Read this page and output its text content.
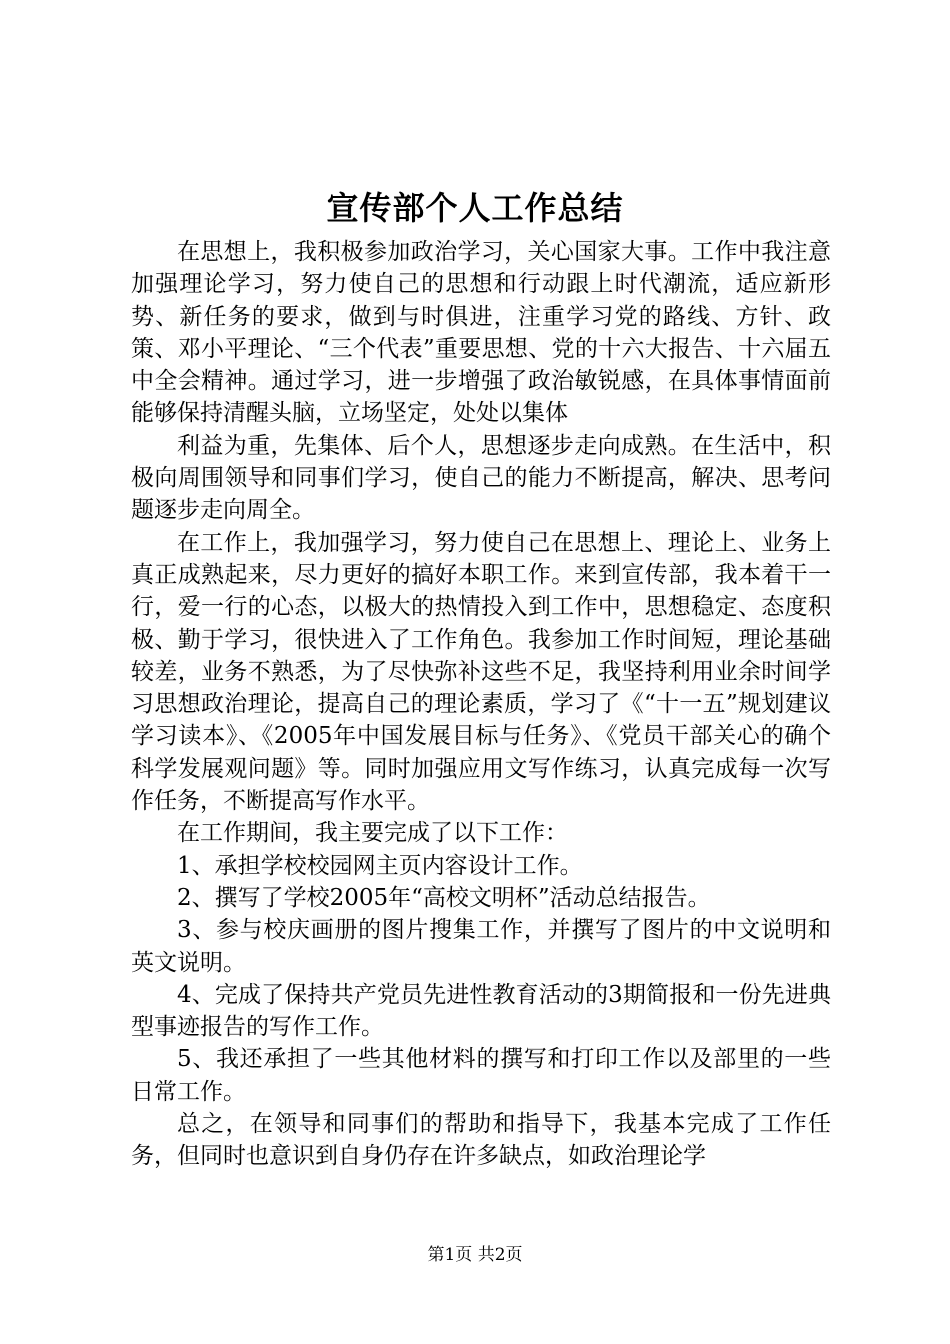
宣传部个人工作总结

在思想上，我积极参加政治学习，关心国家大事。工作中我注意加强理论学习，努力使自己的思想和行动跟上时代潮流，适应新形势、新任务的要求，做到与时俱进，注重学习党的路线、方针、政策、邓小平理论、“三个代表”重要思想、党的十六大报告、十六届五中全会精神。通过学习，进一步增强了政治敏锐感，在具体事情面前能够保持清醒头脑，立场坚定，处处以集体

利益为重，先集体、后个人，思想逐步走向成熟。在生活中，积极向周围领导和同事们学习，使自己的能力不断提高，解决、思考问题逐步走向周全。

在工作上，我加强学习，努力使自己在思想上、理论上、业务上真正成熟起来，尽力更好的搞好本职工作。来到宣传部，我本着干一行，爱一行的心态，以极大的热情投入到工作中，思想稳定、态度积极、勤于学习，很快进入了工作角色。我参加工作时间短，理论基础较差，业务不熟悉，为了尽快弥补这些不足，我坚持利用业余时间学习思想政治理论，提高自己的理论素质，学习了《“十一五”规划建议学习读本》、《2005年中国发展目标与任务》、《党员干部关心的确个科学发展观问题》等。同时加强应用文写作练习，认真完成每一次写作任务，不断提高写作水平。

在工作期间，我主要完成了以下工作：

1、承担学校校园网主页内容设计工作。

2、撰写了学校2005年“高校文明杯”活动总结报告。

3、参与校庆画册的图片搜集工作，并撰写了图片的中文说明和英文说明。

4、完成了保持共产党员先进性教育活动的3期简报和一份先进典型事迹报告的写作工作。

5、我还承担了一些其他材料的撰写和打印工作以及部里的一些日常工作。

总之，在领导和同事们的帮助和指导下，我基本完成了工作任务，但同时也意识到自身仍存在许多缺点，如政治理论学

第1页 共2页
